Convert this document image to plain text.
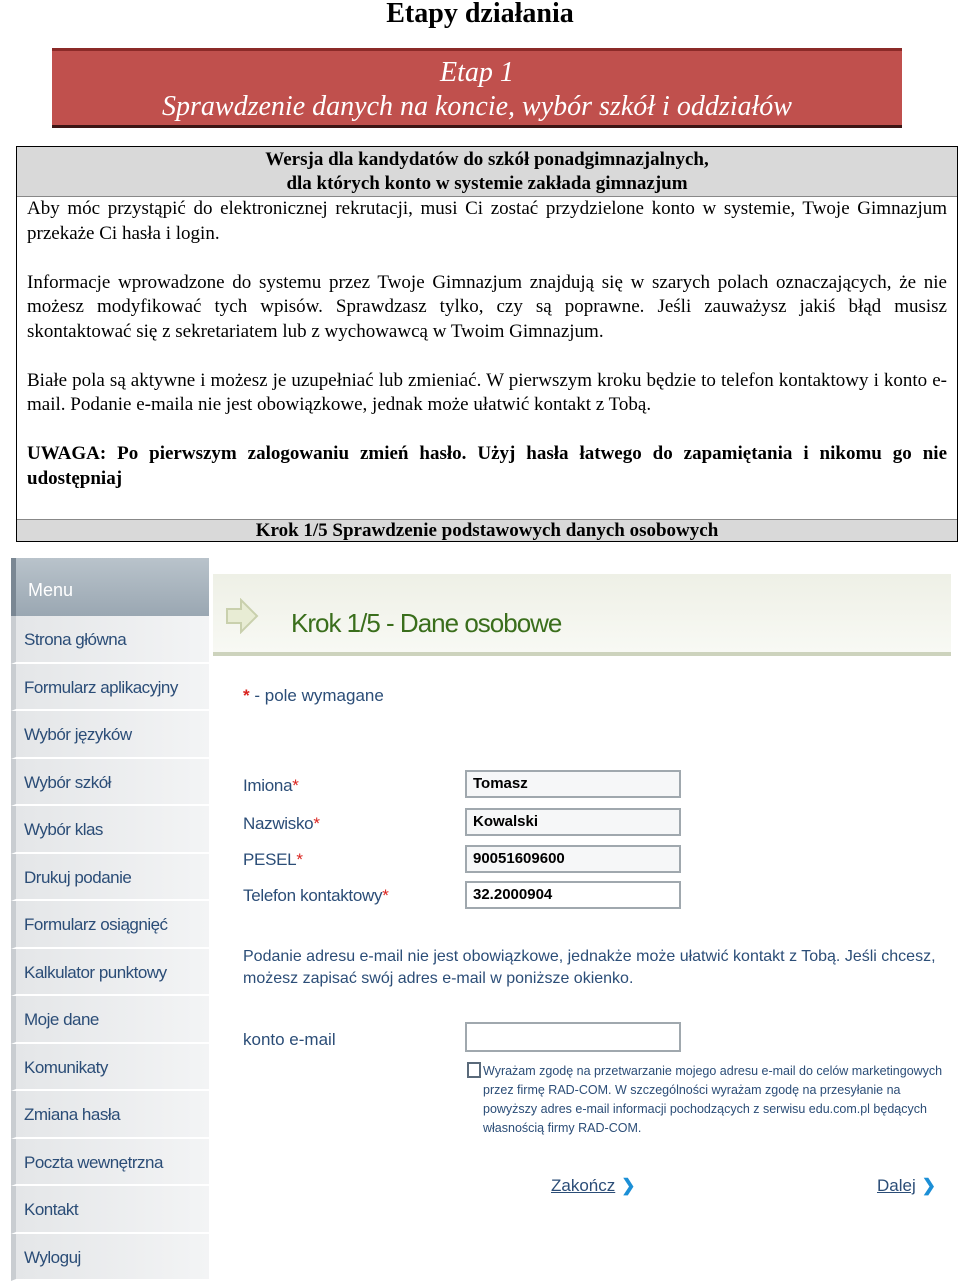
Etapy działania
Etap 1
Sprawdzenie danych na koncie, wybór szkół i oddziałów
Wersja dla kandydatów do szkół ponadgimnazjalnych,
dla których konto w systemie zakłada gimnazjum

Aby móc przystąpić do elektronicznej rekrutacji, musi Ci zostać przydzielone konto w systemie, Twoje Gimnazjum przekaże Ci hasła i login.

Informacje wprowadzone do systemu przez Twoje Gimnazjum znajdują się w szarych polach oznaczających, że nie możesz modyfikować tych wpisów. Sprawdzasz tylko, czy są poprawne. Jeśli zauważysz jakiś błąd musisz skontaktować się z sekretariatem lub z wychowawcą w Twoim Gimnazjum.

Białe pola są aktywne i możesz je uzupełniać lub zmieniać. W pierwszym kroku będzie to telefon kontaktowy i konto e-mail. Podanie e-maila nie jest obowiązkowe, jednak może ułatwić kontakt z Tobą.

UWAGA: Po pierwszym zalogowaniu zmień hasło. Użyj hasła łatwego do zapamiętania i nikomu go nie udostępniaj

Krok 1/5 Sprawdzenie podstawowych danych osobowych
Menu
Strona główna
Formularz aplikacyjny
Wybór języków
Wybór szkół
Wybór klas
Drukuj podanie
Formularz osiągnięć
Kalkulator punktowy
Moje dane
Komunikaty
Zmiana hasła
Poczta wewnętrzna
Kontakt
Wyloguj
Krok 1/5 - Dane osobowe
* - pole wymagane
Imiona*	Tomasz
Nazwisko*	Kowalski
PESEL*	90051609600
Telefon kontaktowy*	32.2000904
Podanie adresu e-mail nie jest obowiązkowe, jednakże może ułatwić kontakt z Tobą. Jeśli chcesz, możesz zapisać swój adres e-mail w poniższe okienko.
konto e-mail
Wyrażam zgodę na przetwarzanie mojego adresu e-mail do celów marketingowych przez firmę RAD-COM. W szczególności wyrażam zgodę na przesyłanie na powyższy adres e-mail informacji pochodzących z serwisu edu.com.pl będących własnością firmy RAD-COM.
Zakończ ❯	Dalej ❯
